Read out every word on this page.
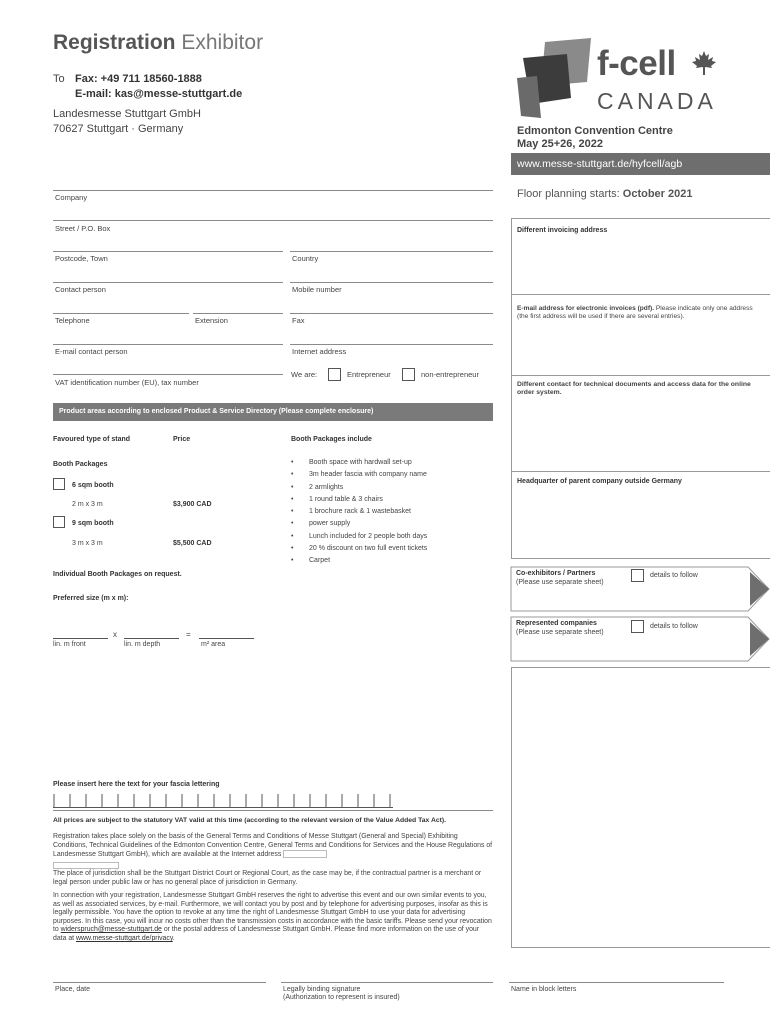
Registration Exhibitor
To Fax: +49 711 18560-1888
E-mail: kas@messe-stuttgart.de
Landesmesse Stuttgart GmbH
70627 Stuttgart · Germany
f-cell
CANADA
Edmonton Convention Centre
May 25+26, 2022
www.messe-stuttgart.de/hyfcell/agb
Floor planning starts: October 2021
Company
Street / P.O. Box
Postcode, Town	Country
Contact person	Mobile number
Telephone	Extension	Fax
E-mail contact person	Internet address
VAT identification number (EU), tax number
We are:	Entrepreneur	non-entrepreneur
Product areas according to enclosed Product & Service Directory (Please complete enclosure)
Favoured type of stand	Price	Booth Packages include
Booth Packages
6 sqm booth
2 m x 3 m	$3,900 CAD
9 sqm booth
3 m x 3 m	$5,500 CAD
• Booth space with hardwall set-up
• 3m header fascia with company name
• 2 armlights
• 1 round table & 3 chairs
• 1 brochure rack & 1 wastebasket
• power supply
• Lunch included for 2 people both days
• 20 % discount on two full event tickets
• Carpet
Individual Booth Packages on request.
Preferred size (m x m):
x	=
lin. m front	lin. m depth	m² area
Please insert here the text for your fascia lettering
All prices are subject to the statutory VAT valid at this time (according to the relevant version of the Value Added Tax Act).
Registration takes place solely on the basis of the General Terms and Conditions of Messe Stuttgart (General and Special) Exhibiting Conditions, Technical Guidelines of the Edmonton Convention Centre, General Terms and Conditions for Services and the House Regulations of Landesmesse Stuttgart GmbH), which are available at the Internet address
The place of jurisdiction shall be the Stuttgart District Court or Regional Court, as the case may be, if the contractual partner is a merchant or legal person under public law or has no general place of jurisdiction in Germany.
In connection with your registration, Landesmesse Stuttgart GmbH reserves the right to advertise this event and our own similar events to you, as well as associated services, by e-mail. Furthermore, we will contact you by post and by telephone for advertising purposes, insofar as this is legally permissible. You have the option to revoke at any time the right of Landesmesse Stuttgart GmbH to use your data for advertising purposes. In this case, you will incur no costs other than the transmission costs in accordance with the basic tariffs. Please send your revocation to widerspruch@messe-stuttgart.de or the postal address of Landesmesse Stuttgart GmbH. Please find more information on the use of your data at www.messe-stuttgart.de/privacy.
Place, date	Legally binding signature
(Authorization to represent is insured)
Name in block letters
Different invoicing address
E-mail address for electronic invoices (pdf). Please indicate only one address (the first address will be used if there are several entries).
Different contact for technical documents and access data for the online order system.
Headquarter of parent company outside Germany
Co-exhibitors / Partners
(Please use separate sheet)
details to follow
Represented companies
(Please use separate sheet)
details to follow
